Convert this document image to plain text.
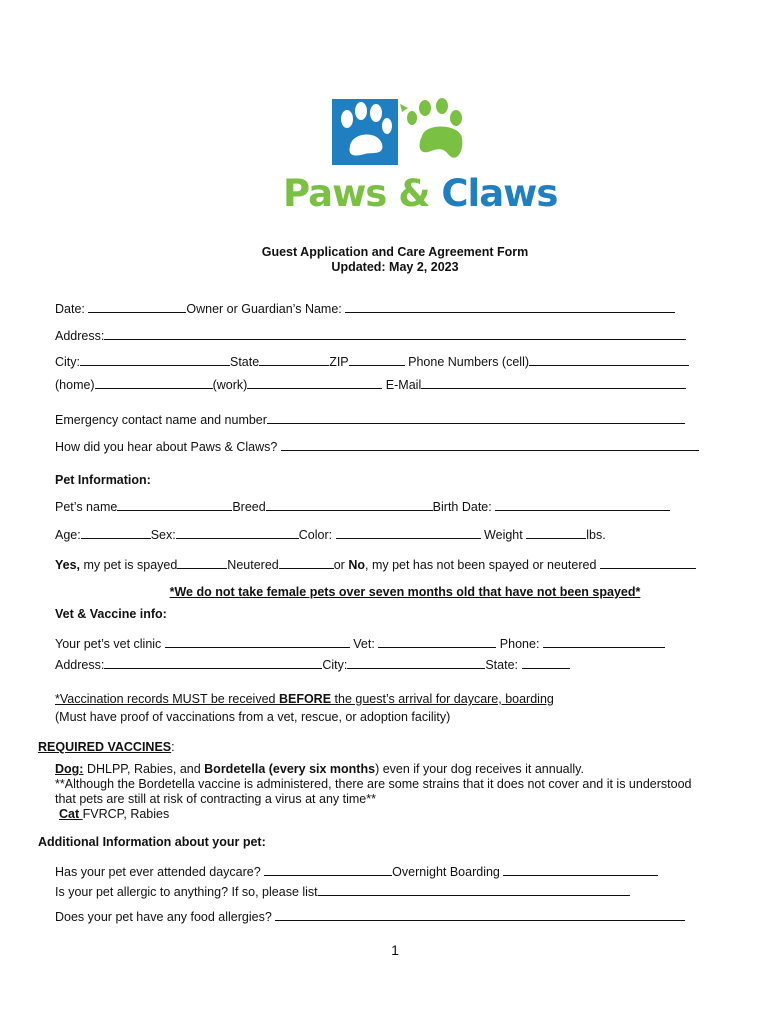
Paws & Claws
Guest Application and Care Agreement Form
Updated: May 2, 2023
Date:	Owner or Guardian’s Name:
Address:
City:	State	ZIP	Phone Numbers (cell)
(home)	(work)	E-Mail
Emergency contact name and number
How did you hear about Paws & Claws?
Pet Information:
Pet’s name	Breed	Birth Date:
Age:	Sex:	Color:	Weight	lbs.
Yes, my pet is spayed	Neutered	or No, my pet has not been spayed or neutered
*We do not take female pets over seven months old that have not been spayed*
Vet & Vaccine info:
Your pet’s vet clinic	Vet:	Phone:
Address:	City:	State:
*Vaccination records MUST be received BEFORE the guest’s arrival for daycare, boarding
(Must have proof of vaccinations from a vet, rescue, or adoption facility)
REQUIRED VACCINES:
Dog: DHLPP, Rabies, and Bordetella (every six months) even if your dog receives it annually.
**Although the Bordetella vaccine is administered, there are some strains that it does not cover and it is understood
that pets are still at risk of contracting a virus at any time**
Cat FVRCP, Rabies
Additional Information about your pet:
Has your pet ever attended daycare?	Overnight Boarding
Is your pet allergic to anything? If so, please list
Does your pet have any food allergies?
1
